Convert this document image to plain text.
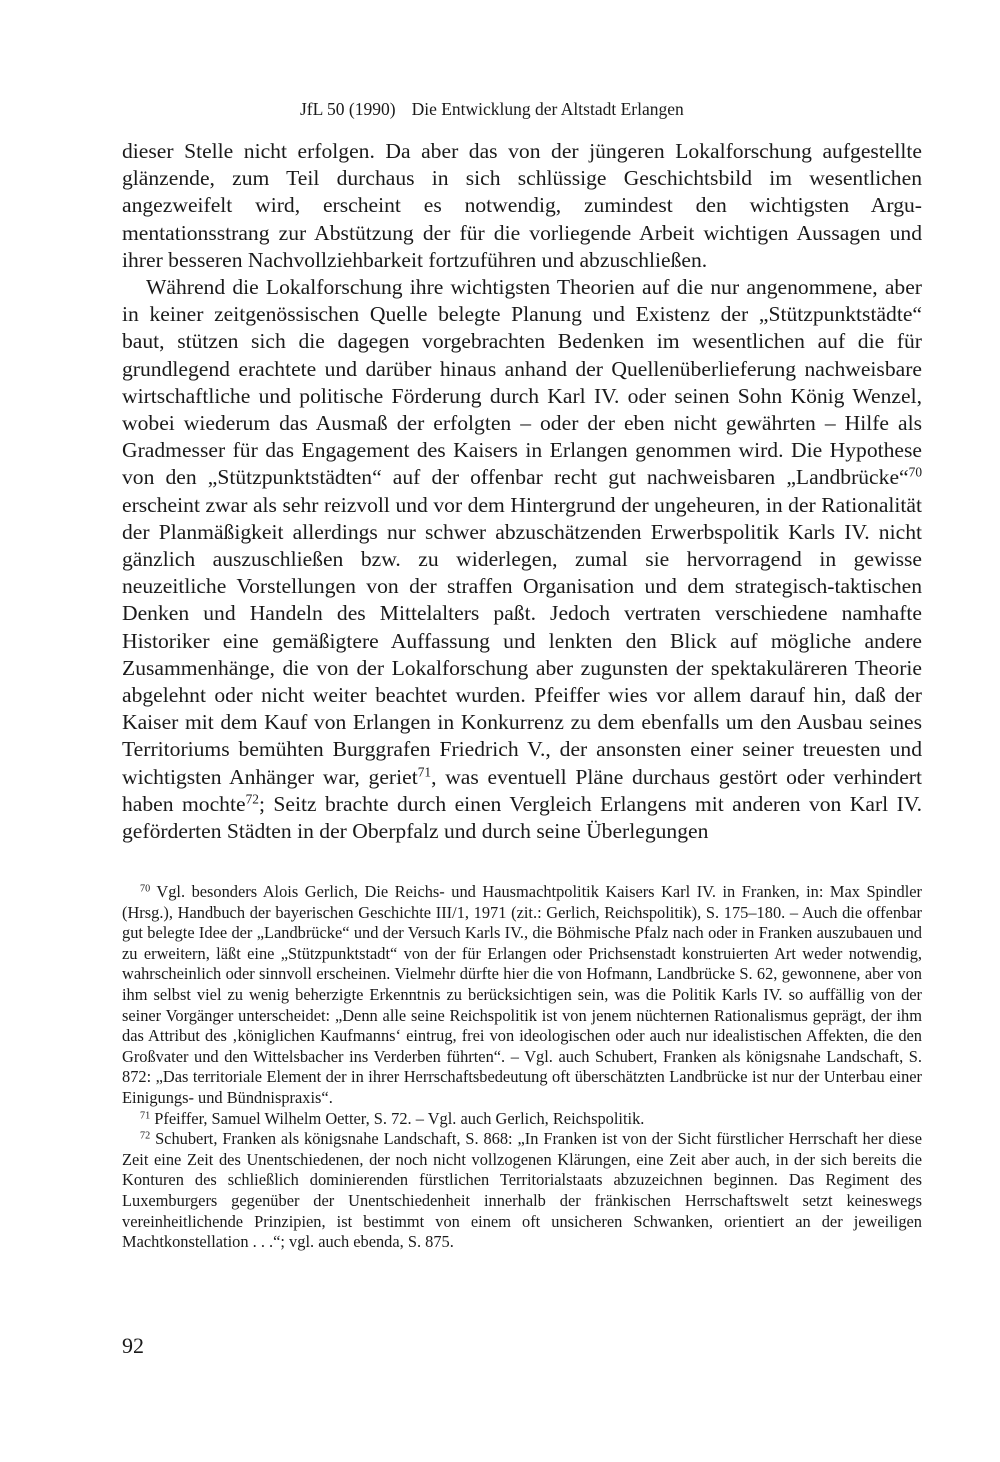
JfL 50 (1990) Die Entwicklung der Altstadt Erlangen

dieser Stelle nicht erfolgen. Da aber das von der jüngeren Lokalforschung aufgestellte glänzende, zum Teil durchaus in sich schlüssige Geschichtsbild im wesentlichen angezweifelt wird, erscheint es notwendig, zumindest den wichtigsten Argumentationsstrang zur Abstützung der für die vorliegende Arbeit wichtigen Aussagen und ihrer besseren Nachvollziehbarkeit fortzuführen und abzuschließen.

Während die Lokalforschung ihre wichtigsten Theorien auf die nur angenommene, aber in keiner zeitgenössischen Quelle belegte Planung und Existenz der „Stützpunktstädte“ baut, stützen sich die dagegen vorgebrachten Bedenken im wesentlichen auf die für grundlegend erachtete und darüber hinaus anhand der Quellenüberlieferung nachweisbare wirtschaftliche und politische Förderung durch Karl IV. oder seinen Sohn König Wenzel, wobei wiederum das Ausmaß der erfolgten – oder der eben nicht gewährten – Hilfe als Gradmesser für das Engagement des Kaisers in Erlangen genommen wird. Die Hypothese von den „Stützpunktstädten“ auf der offenbar recht gut nachweisbaren „Landbrücke“$^{70}$ erscheint zwar als sehr reizvoll und vor dem Hintergrund der ungeheuren, in der Rationalität der Planmäßigkeit allerdings nur schwer abzuschätzenden Erwerbspolitik Karls IV. nicht gänzlich auszuschließen bzw. zu widerlegen, zumal sie hervorragend in gewisse neuzeitliche Vorstellungen von der straffen Organisation und dem strategisch-taktischen Denken und Handeln des Mittelalters paßt. Jedoch vertraten verschiedene namhafte Historiker eine gemäßigtere Auffassung und lenkten den Blick auf mögliche andere Zusammenhänge, die von der Lokalforschung aber zugunsten der spektakuläreren Theorie abgelehnt oder nicht weiter beachtet wurden. Pfeiffer wies vor allem darauf hin, daß der Kaiser mit dem Kauf von Erlangen in Konkurrenz zu dem ebenfalls um den Ausbau seines Territoriums bemühten Burggrafen Friedrich V., der ansonsten einer seiner treuesten und wichtigsten Anhänger war, geriet$^{71}$, was eventuell Pläne durchaus gestört oder verhindert haben mochte$^{72}$; Seitz brachte durch einen Vergleich Erlangens mit anderen von Karl IV. geförderten Städten in der Oberpfalz und durch seine Überlegungen

$^{70}$ Vgl. besonders Alois Gerlich, Die Reichs- und Hausmachtpolitik Kaisers Karl IV. in Franken, in: Max Spindler (Hrsg.), Handbuch der bayerischen Geschichte III/1, 1971 (zit.: Gerlich, Reichspolitik), S. 175–180. – Auch die offenbar gut belegte Idee der „Landbrücke“ und der Versuch Karls IV., die Böhmische Pfalz nach oder in Franken auszubauen und zu erweitern, läßt eine „Stützpunktstadt“ von der für Erlangen oder Prichsenstadt konstruierten Art weder notwendig, wahrscheinlich oder sinnvoll erscheinen. Vielmehr dürfte hier die von Hofmann, Landbrücke S. 62, gewonnene, aber von ihm selbst viel zu wenig beherzigte Erkenntnis zu berücksichtigen sein, was die Politik Karls IV. so auffällig von der seiner Vorgänger unterscheidet: „Denn alle seine Reichspolitik ist von jenem nüchternen Rationalismus geprägt, der ihm das Attribut des ‚königlichen Kaufmanns‘ eintrug, frei von ideologischen oder auch nur idealistischen Affekten, die den Großvater und den Wittelsbacher ins Verderben führten“. – Vgl. auch Schubert, Franken als königsnahe Landschaft, S. 872: „Das territoriale Element der in ihrer Herrschaftsbedeutung oft überschätzten Landbrücke ist nur der Unterbau einer Einigungs- und Bündnispraxis“.

$^{71}$ Pfeiffer, Samuel Wilhelm Oetter, S. 72. – Vgl. auch Gerlich, Reichspolitik.

$^{72}$ Schubert, Franken als königsnahe Landschaft, S. 868: „In Franken ist von der Sicht fürstlicher Herrschaft her diese Zeit eine Zeit des Unentschiedenen, der noch nicht vollzogenen Klärungen, eine Zeit aber auch, in der sich bereits die Konturen des schließlich dominierenden fürstlichen Territorialstaats abzuzeichnen beginnen. Das Regiment des Luxemburgers gegenüber der Unentschiedenheit innerhalb der fränkischen Herrschaftswelt setzt keineswegs vereinheitlichende Prinzipien, ist bestimmt von einem oft unsicheren Schwanken, orientiert an der jeweiligen Machtkonstellation . . .“; vgl. auch ebenda, S. 875.

92
